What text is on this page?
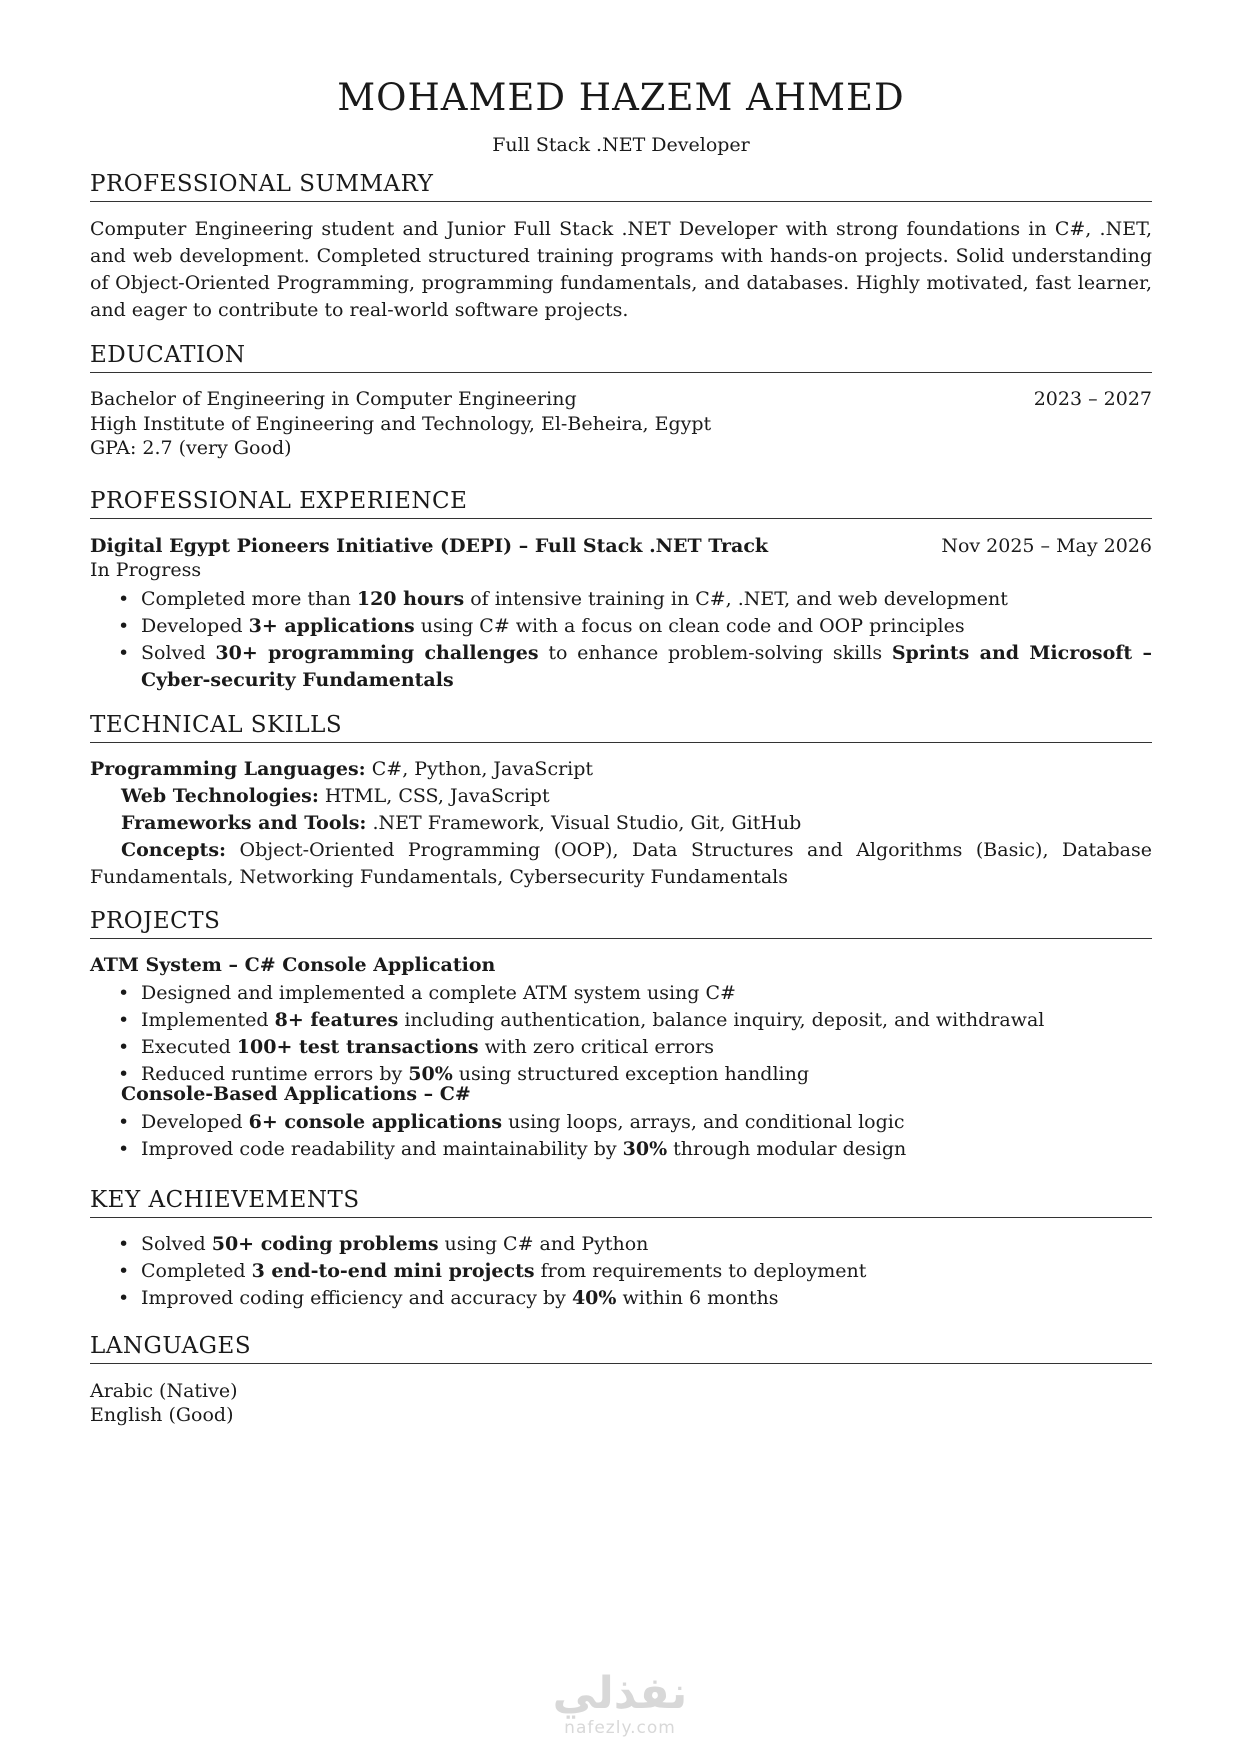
MOHAMED HAZEM AHMED
Full Stack .NET Developer
PROFESSIONAL SUMMARY
Computer Engineering student and Junior Full Stack .NET Developer with strong foundations in C#, .NET, and web development. Completed structured training programs with hands-on projects. Solid understanding of Object-Oriented Programming, programming fundamentals, and databases. Highly motivated, fast learner, and eager to contribute to real-world software projects.
EDUCATION
Bachelor of Engineering in Computer Engineering	2023 – 2027
High Institute of Engineering and Technology, El-Beheira, Egypt
GPA: 2.7 (very Good)
PROFESSIONAL EXPERIENCE
Digital Egypt Pioneers Initiative (DEPI) – Full Stack .NET Track	Nov 2025 – May 2026
In Progress
• Completed more than 120 hours of intensive training in C#, .NET, and web development
• Developed 3+ applications using C# with a focus on clean code and OOP principles
• Solved 30+ programming challenges to enhance problem-solving skills Sprints and Microsoft – Cyber-security Fundamentals
TECHNICAL SKILLS
Programming Languages: C#, Python, JavaScript
Web Technologies: HTML, CSS, JavaScript
Frameworks and Tools: .NET Framework, Visual Studio, Git, GitHub
Concepts: Object-Oriented Programming (OOP), Data Structures and Algorithms (Basic), Database Fundamentals, Networking Fundamentals, Cybersecurity Fundamentals
PROJECTS
ATM System – C# Console Application
• Designed and implemented a complete ATM system using C#
• Implemented 8+ features including authentication, balance inquiry, deposit, and withdrawal
• Executed 100+ test transactions with zero critical errors
• Reduced runtime errors by 50% using structured exception handling
Console-Based Applications – C#
• Developed 6+ console applications using loops, arrays, and conditional logic
• Improved code readability and maintainability by 30% through modular design
KEY ACHIEVEMENTS
• Solved 50+ coding problems using C# and Python
• Completed 3 end-to-end mini projects from requirements to deployment
• Improved coding efficiency and accuracy by 40% within 6 months
LANGUAGES
Arabic (Native)
English (Good)
نفذلي
nafezly.com
